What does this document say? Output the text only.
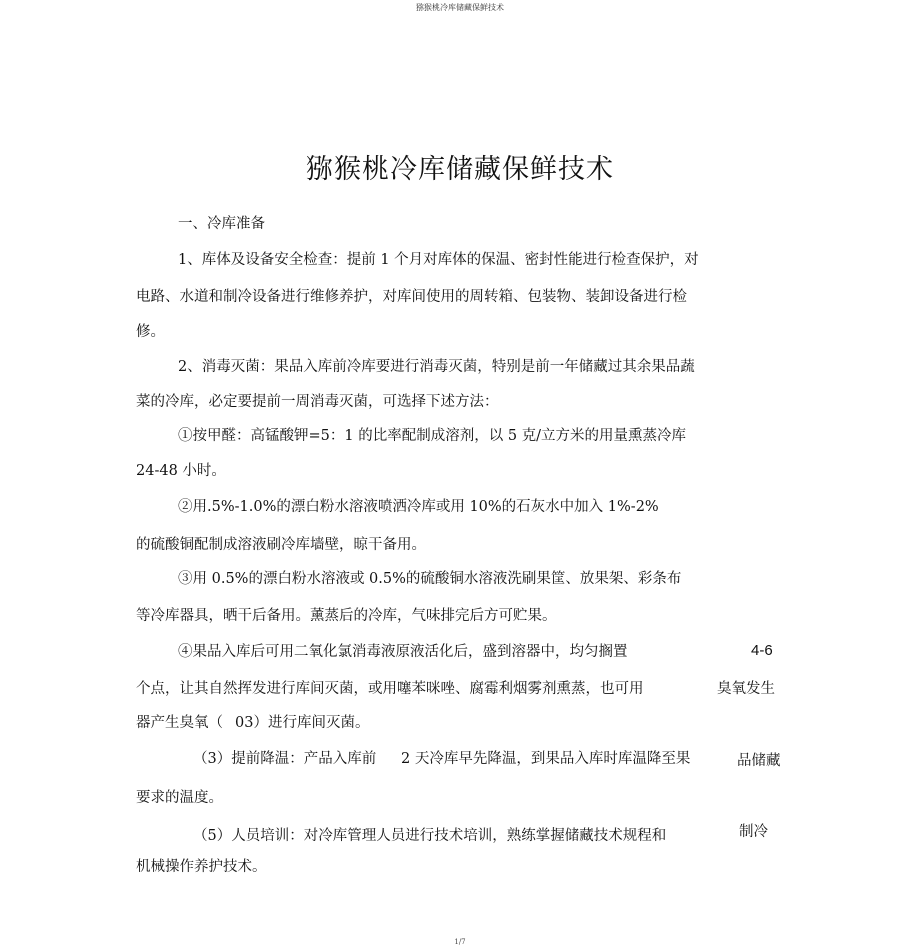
猕猴桃冷库储藏保鲜技术
猕猴桃冷库储藏保鲜技术
一、冷库准备
1、库体及设备安全检查：提前 1 个月对库体的保温、密封性能进行检查保护，对
电路、水道和制冷设备进行维修养护，对库间使用的周转箱、包装物、装卸设备进行检
修。
2、消毒灭菌：果品入库前冷库要进行消毒灭菌，特别是前一年储藏过其余果品蔬
菜的冷库，必定要提前一周消毒灭菌，可选择下述方法：
①按甲醛：高锰酸钾=5：1 的比率配制成溶剂，以 5 克/立方米的用量熏蒸冷库
24-48 小时。
②用.5%-1.0%的漂白粉水溶液喷洒冷库或用 10%的石灰水中加入 1%-2%
的硫酸铜配制成溶液刷冷库墙壁，晾干备用。
③用 0.5%的漂白粉水溶液或 0.5%的硫酸铜水溶液洗刷果筐、放果架、彩条布
等冷库器具，晒干后备用。薰蒸后的冷库，气味排完后方可贮果。
④果品入库后可用二氧化氯消毒液原液活化后，盛到溶器中，均匀搁置	4-6
个点，让其自然挥发进行库间灭菌，或用噻苯咪唑、腐霉利烟雾剂熏蒸，也可用	臭氧发生
器产生臭氧（ 03）进行库间灭菌。
（3）提前降温：产品入库前 2 天冷库早先降温，到果品入库时库温降至果	品储藏
要求的温度。
（5）人员培训：对冷库管理人员进行技术培训，熟练掌握储藏技术规程和	制冷
机械操作养护技术。
1/7
